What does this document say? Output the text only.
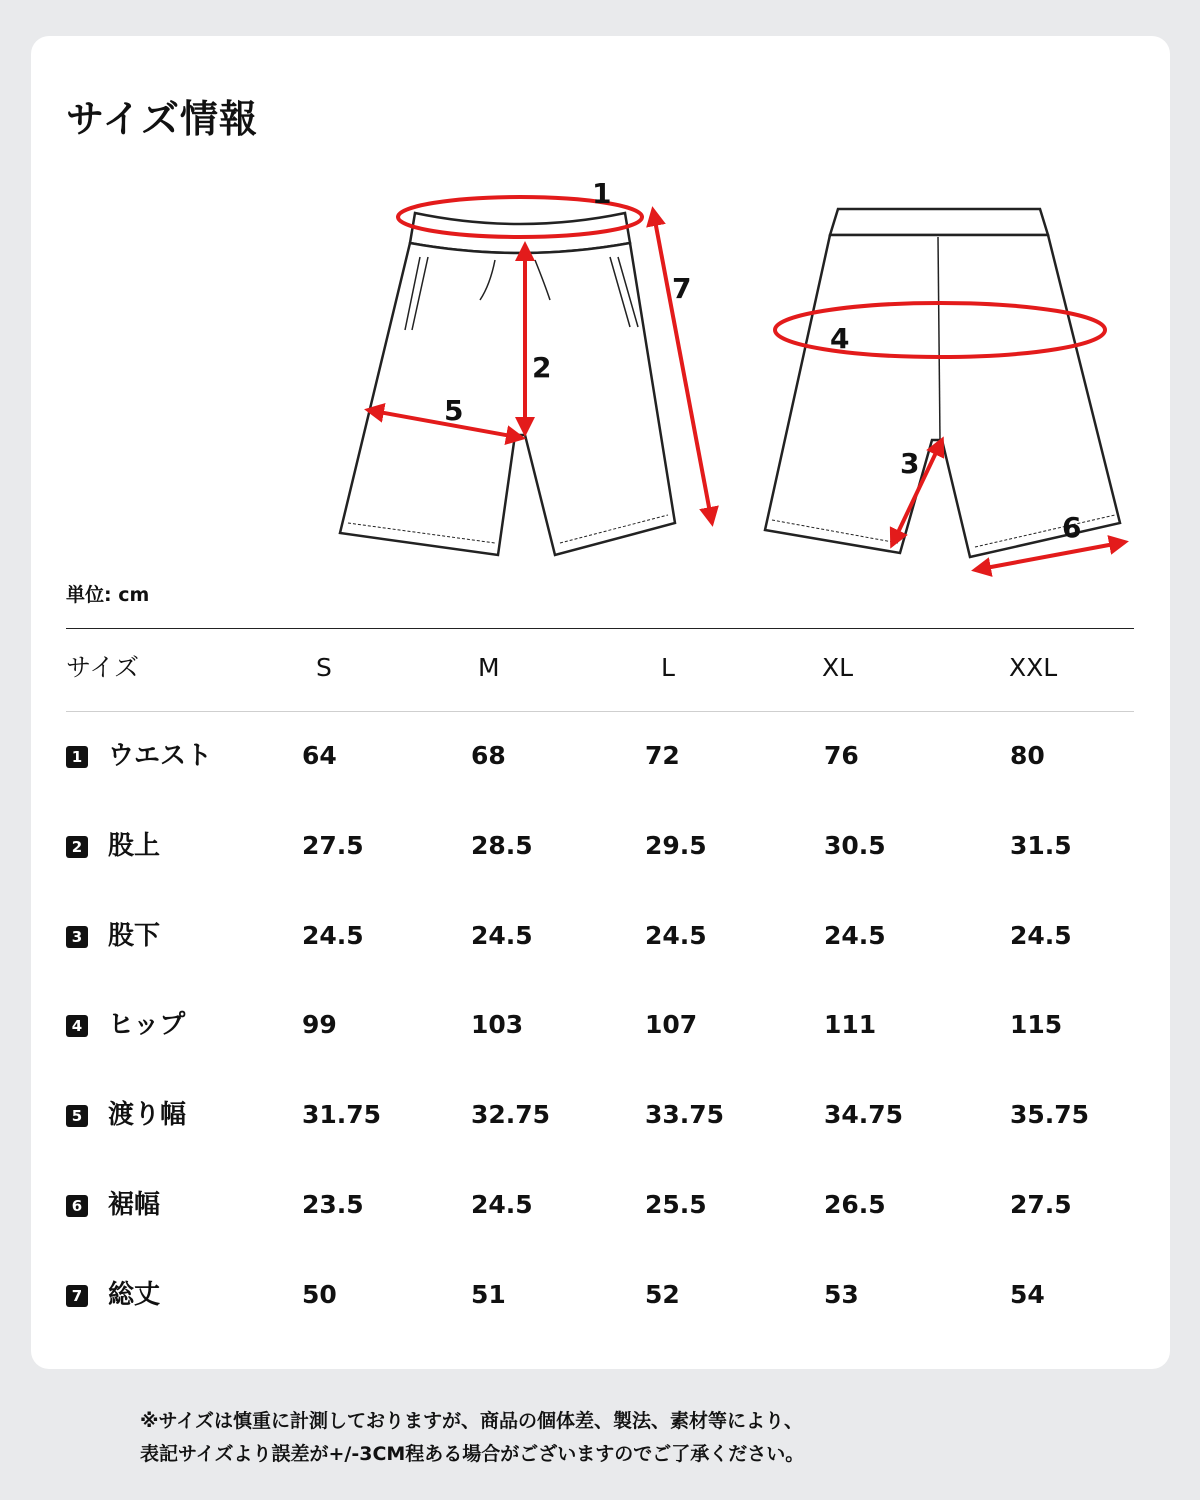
サイズ情報
1
2
3
4
5
6
7
単位: cm
サイズ	S	M	L	XL	XXL
1 ウエスト	64	68	72	76	80
2 股上	27.5	28.5	29.5	30.5	31.5
3 股下	24.5	24.5	24.5	24.5	24.5
4 ヒップ	99	103	107	111	115
5 渡り幅	31.75	32.75	33.75	34.75	35.75
6 裾幅	23.5	24.5	25.5	26.5	27.5
7 総丈	50	51	52	53	54
※サイズは慎重に計測しておりますが、商品の個体差、製法、素材等により、
表記サイズより誤差が+/-3CM程ある場合がございますのでご了承ください。
